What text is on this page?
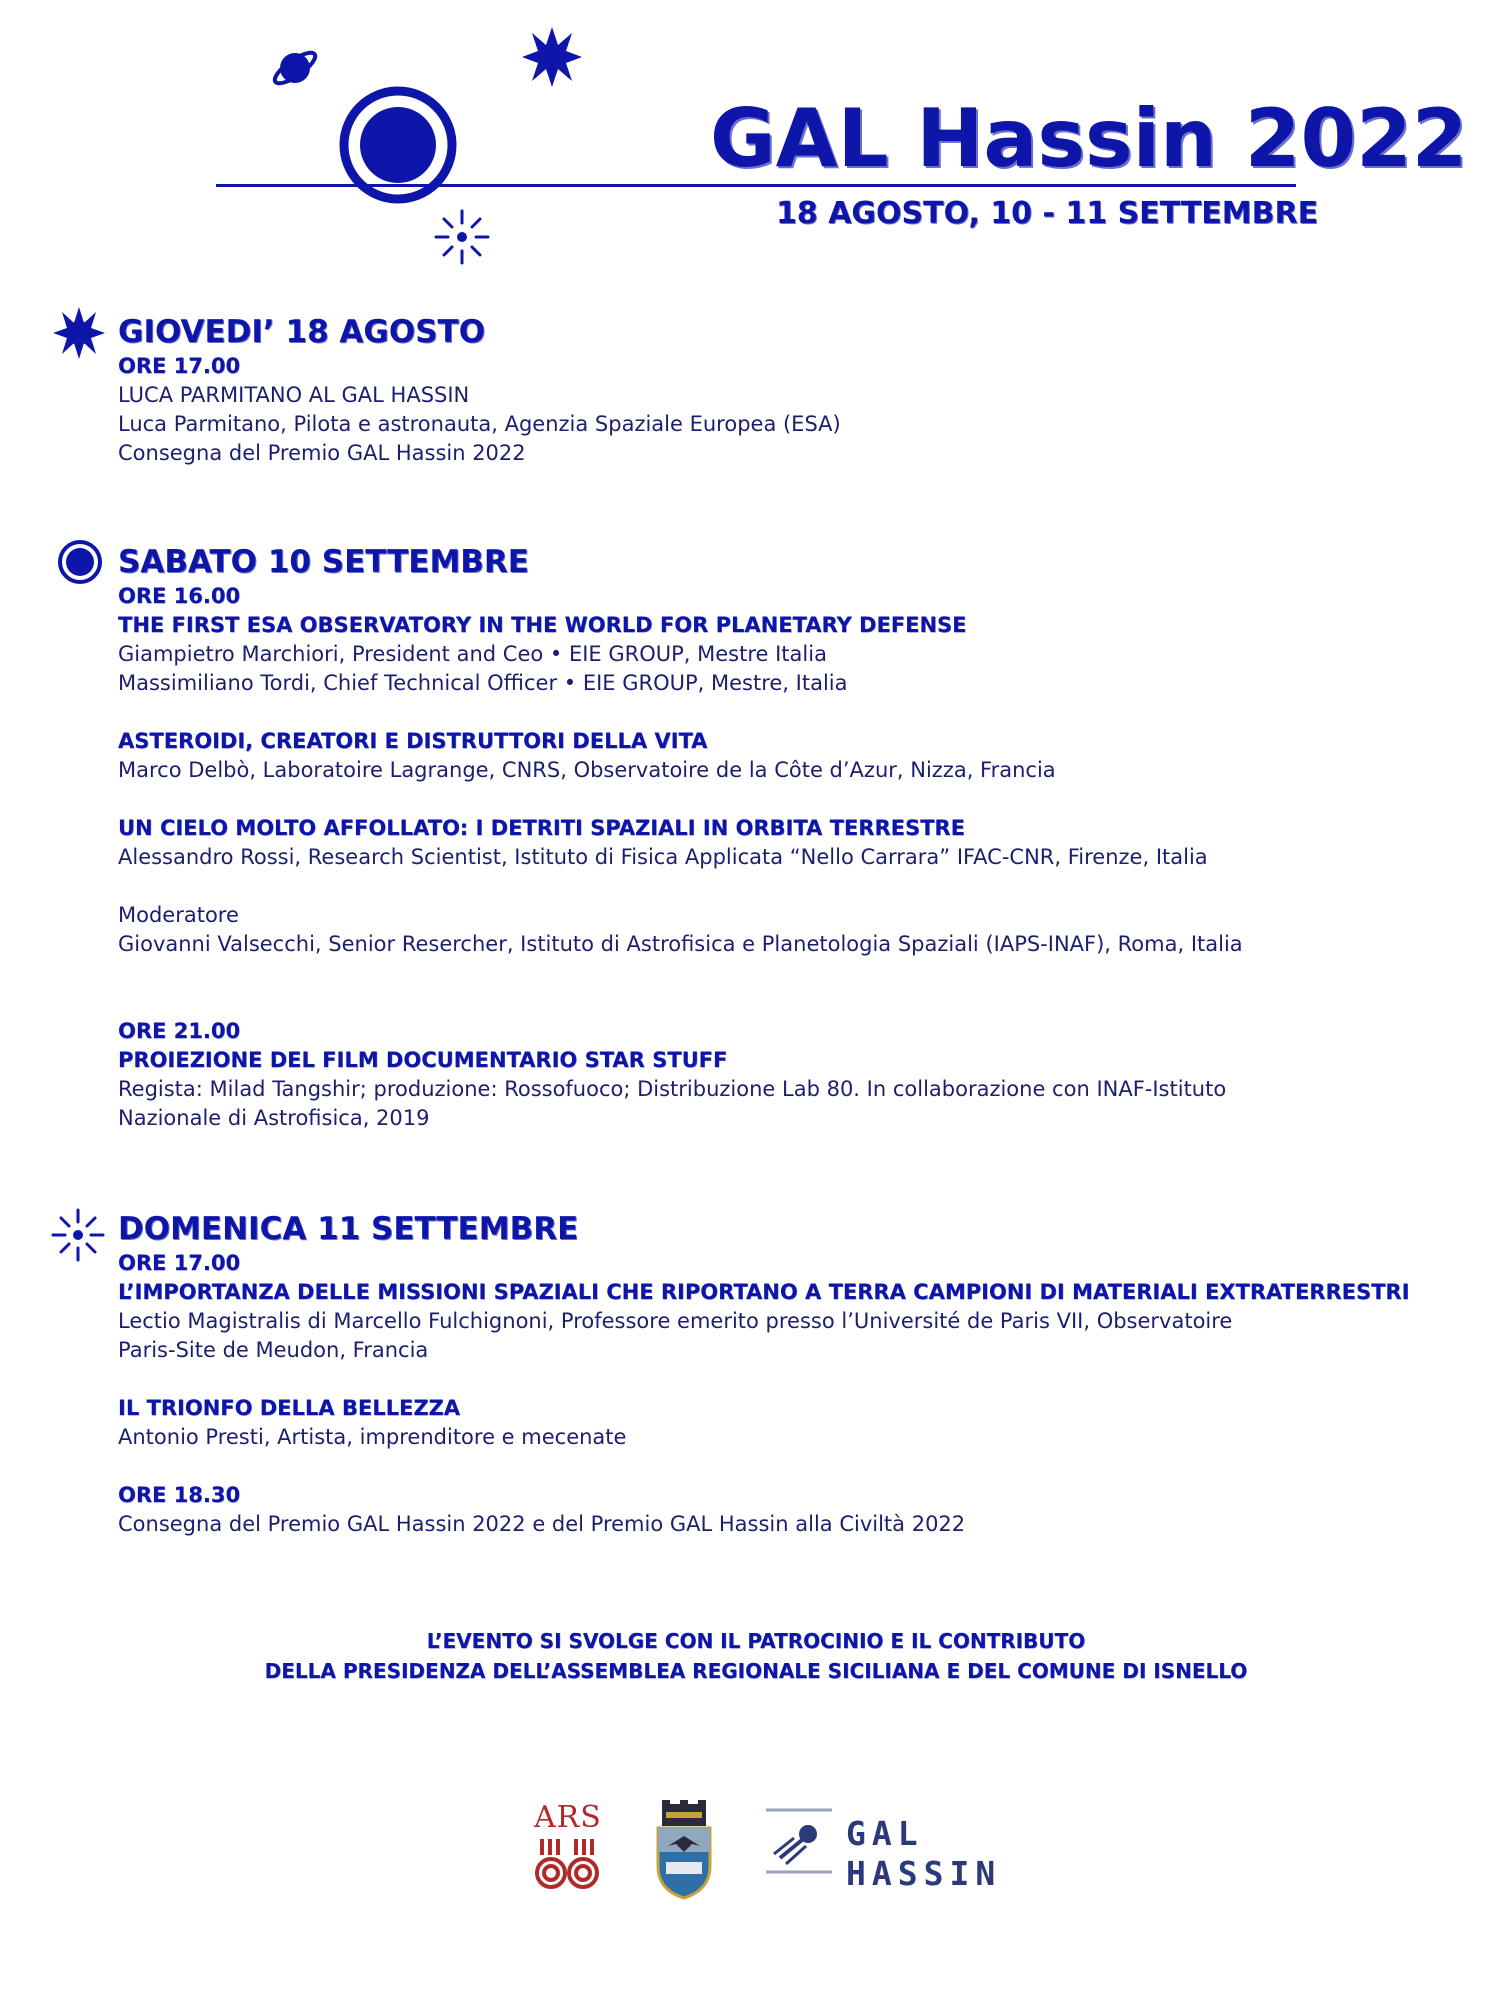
GAL Hassin 2022
18 AGOSTO, 10 - 11 SETTEMBRE
GIOVEDI’ 18 AGOSTO
ORE 17.00
LUCA PARMITANO AL GAL HASSIN
Luca Parmitano, Pilota e astronauta, Agenzia Spaziale Europea (ESA)
Consegna del Premio GAL Hassin 2022
SABATO 10 SETTEMBRE
ORE 16.00
THE FIRST ESA OBSERVATORY IN THE WORLD FOR PLANETARY DEFENSE
Giampietro Marchiori, President and Ceo • EIE GROUP, Mestre Italia
Massimiliano Tordi, Chief Technical Officer • EIE GROUP, Mestre, Italia
ASTEROIDI, CREATORI E DISTRUTTORI DELLA VITA
Marco Delbò, Laboratoire Lagrange, CNRS, Observatoire de la Côte d’Azur, Nizza, Francia
UN CIELO MOLTO AFFOLLATO: I DETRITI SPAZIALI IN ORBITA TERRESTRE
Alessandro Rossi, Research Scientist, Istituto di Fisica Applicata “Nello Carrara” IFAC-CNR, Firenze, Italia
Moderatore
Giovanni Valsecchi, Senior Resercher, Istituto di Astrofisica e Planetologia Spaziali (IAPS-INAF), Roma, Italia
ORE 21.00
PROIEZIONE DEL FILM DOCUMENTARIO STAR STUFF
Regista: Milad Tangshir; produzione: Rossofuoco; Distribuzione Lab 80. In collaborazione con INAF-Istituto
Nazionale di Astrofisica, 2019
DOMENICA 11 SETTEMBRE
ORE 17.00
L’IMPORTANZA DELLE MISSIONI SPAZIALI CHE RIPORTANO A TERRA CAMPIONI DI MATERIALI EXTRATERRESTRI
Lectio Magistralis di Marcello Fulchignoni, Professore emerito presso l’Université de Paris VII, Observatoire
Paris-Site de Meudon, Francia
IL TRIONFO DELLA BELLEZZA
Antonio Presti, Artista, imprenditore e mecenate
ORE 18.30
Consegna del Premio GAL Hassin 2022 e del Premio GAL Hassin alla Civiltà 2022
L’EVENTO SI SVOLGE CON IL PATROCINIO E IL CONTRIBUTO
DELLA PRESIDENZA DELL’ASSEMBLEA REGIONALE SICILIANA E DEL COMUNE DI ISNELLO
ARS	GAL
HASSIN
